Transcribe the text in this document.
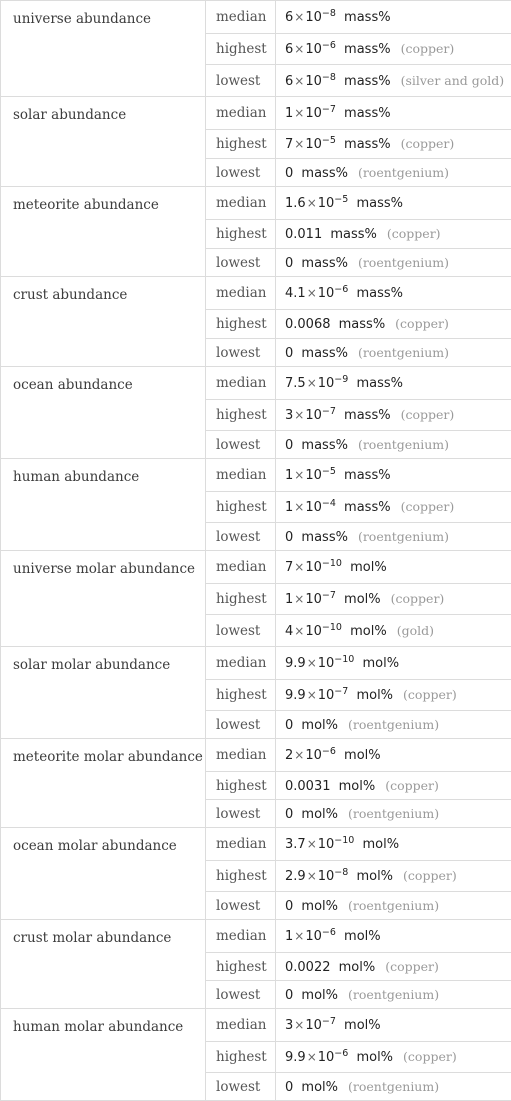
universe abundance	median	$6\times 10^{-8}$ mass%
	highest	$6\times 10^{-6}$ mass% (copper)
	lowest	$6\times 10^{-8}$ mass% (silver and gold)
solar abundance	median	$1\times 10^{-7}$ mass%
	highest	$7\times 10^{-5}$ mass% (copper)
	lowest	0 mass% (roentgenium)
meteorite abundance	median	$1.6\times 10^{-5}$ mass%
	highest	0.011 mass% (copper)
	lowest	0 mass% (roentgenium)
crust abundance	median	$4.1\times 10^{-6}$ mass%
	highest	0.0068 mass% (copper)
	lowest	0 mass% (roentgenium)
ocean abundance	median	$7.5\times 10^{-9}$ mass%
	highest	$3\times 10^{-7}$ mass% (copper)
	lowest	0 mass% (roentgenium)
human abundance	median	$1\times 10^{-5}$ mass%
	highest	$1\times 10^{-4}$ mass% (copper)
	lowest	0 mass% (roentgenium)
universe molar abundance	median	$7\times 10^{-10}$ mol%
	highest	$1\times 10^{-7}$ mol% (copper)
	lowest	$4\times 10^{-10}$ mol% (gold)
solar molar abundance	median	$9.9\times 10^{-10}$ mol%
	highest	$9.9\times 10^{-7}$ mol% (copper)
	lowest	0 mol% (roentgenium)
meteorite molar abundance	median	$2\times 10^{-6}$ mol%
	highest	0.0031 mol% (copper)
	lowest	0 mol% (roentgenium)
ocean molar abundance	median	$3.7\times 10^{-10}$ mol%
	highest	$2.9\times 10^{-8}$ mol% (copper)
	lowest	0 mol% (roentgenium)
crust molar abundance	median	$1\times 10^{-6}$ mol%
	highest	0.0022 mol% (copper)
	lowest	0 mol% (roentgenium)
human molar abundance	median	$3\times 10^{-7}$ mol%
	highest	$9.9\times 10^{-6}$ mol% (copper)
	lowest	0 mol% (roentgenium)
